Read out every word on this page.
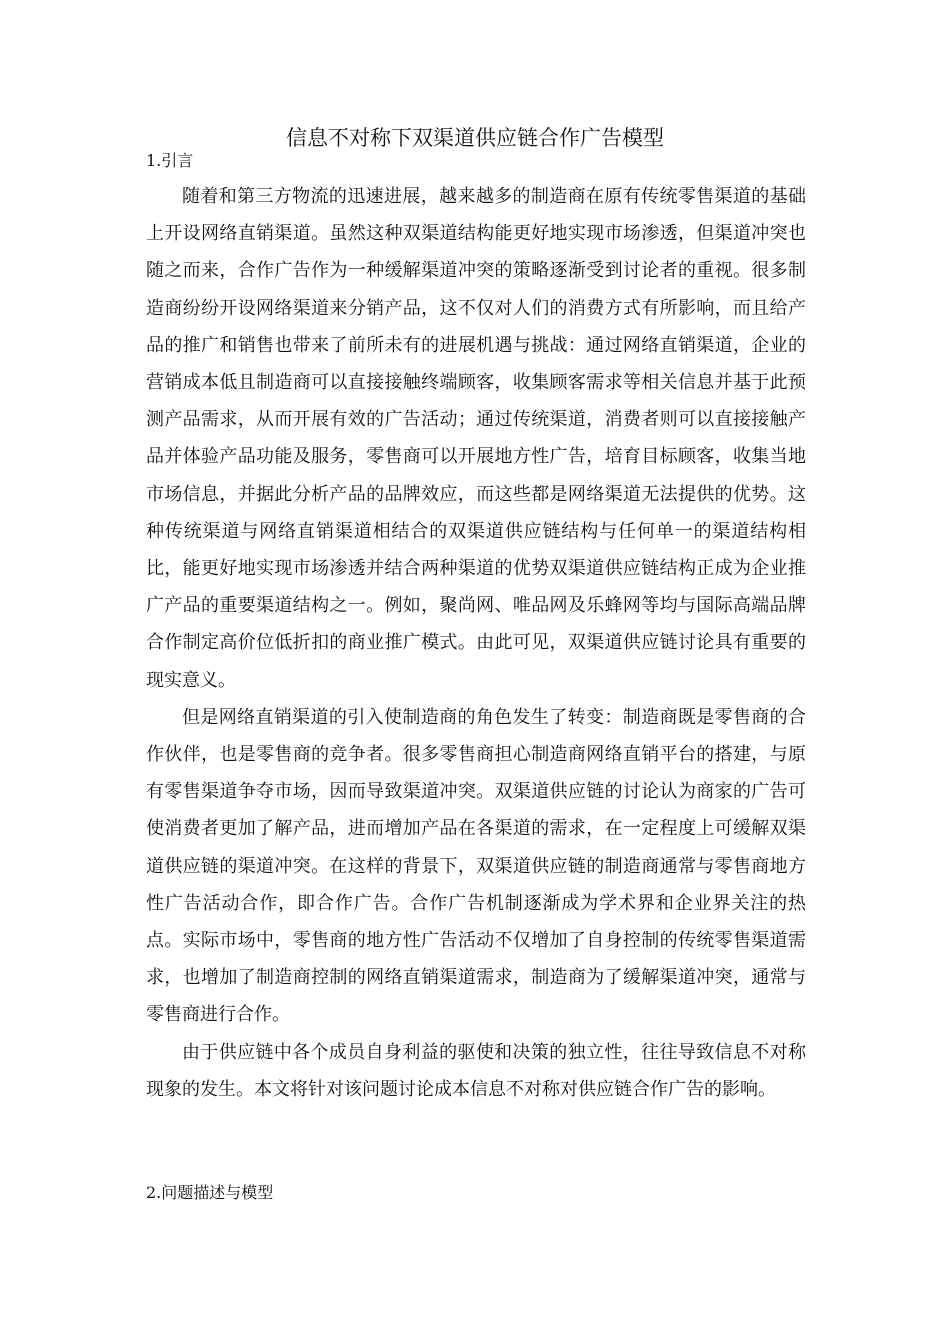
信息不对称下双渠道供应链合作广告模型
1.引言

随着和第三方物流的迅速进展，越来越多的制造商在原有传统零售渠道的基础上开设网络直销渠道。虽然这种双渠道结构能更好地实现市场渗透，但渠道冲突也随之而来，合作广告作为一种缓解渠道冲突的策略逐渐受到讨论者的重视。很多制造商纷纷开设网络渠道来分销产品，这不仅对人们的消费方式有所影响，而且给产品的推广和销售也带来了前所未有的进展机遇与挑战：通过网络直销渠道，企业的营销成本低且制造商可以直接接触终端顾客，收集顾客需求等相关信息并基于此预测产品需求，从而开展有效的广告活动；通过传统渠道，消费者则可以直接接触产品并体验产品功能及服务，零售商可以开展地方性广告，培育目标顾客，收集当地市场信息，并据此分析产品的品牌效应，而这些都是网络渠道无法提供的优势。这种传统渠道与网络直销渠道相结合的双渠道供应链结构与任何单一的渠道结构相比，能更好地实现市场渗透并结合两种渠道的优势双渠道供应链结构正成为企业推广产品的重要渠道结构之一。例如，聚尚网、唯品网及乐蜂网等均与国际高端品牌合作制定高价位低折扣的商业推广模式。由此可见，双渠道供应链讨论具有重要的现实意义。

但是网络直销渠道的引入使制造商的角色发生了转变：制造商既是零售商的合作伙伴，也是零售商的竞争者。很多零售商担心制造商网络直销平台的搭建，与原有零售渠道争夺市场，因而导致渠道冲突。双渠道供应链的讨论认为商家的广告可使消费者更加了解产品，进而增加产品在各渠道的需求，在一定程度上可缓解双渠道供应链的渠道冲突。在这样的背景下，双渠道供应链的制造商通常与零售商地方性广告活动合作，即合作广告。合作广告机制逐渐成为学术界和企业界关注的热点。实际市场中，零售商的地方性广告活动不仅增加了自身控制的传统零售渠道需求，也增加了制造商控制的网络直销渠道需求，制造商为了缓解渠道冲突，通常与零售商进行合作。

由于供应链中各个成员自身利益的驱使和决策的独立性，往往导致信息不对称现象的发生。本文将针对该问题讨论成本信息不对称对供应链合作广告的影响。

2.问题描述与模型
